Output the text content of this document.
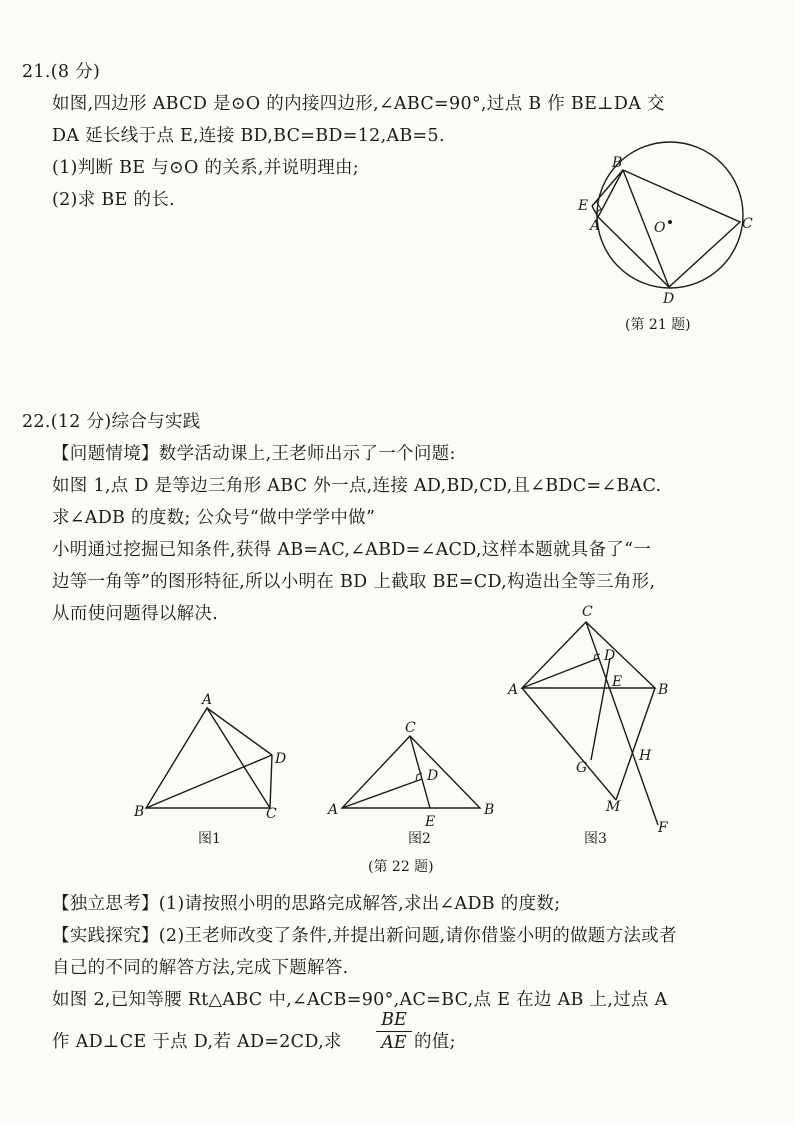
21.(8 分)
如图,四边形 ABCD 是⊙O 的内接四边形,∠ABC=90°,过点 B 作 BE⊥DA 交
DA 延长线于点 E,连接 BD,BC=BD=12,AB=5.
(1)判断 BE 与⊙O 的关系,并说明理由;
(2)求 BE 的长.
B
E
A	O	C
D
(第 21 题)
22.(12 分)综合与实践
【问题情境】数学活动课上,王老师出示了一个问题:
如图 1,点 D 是等边三角形 ABC 外一点,连接 AD,BD,CD,且∠BDC=∠BAC.
求∠ADB 的度数; 公众号“做中学学中做”
小明通过挖掘已知条件,获得 AB=AC,∠ABD=∠ACD,这样本题就具备了“一
边等一角等”的图形特征,所以小明在 BD 上截取 BE=CD,构造出全等三角形,
从而使问题得以解决.
A
B	C
D
图1
C
A	B
D
E
图2
C
D
A	E	B
H
G
M
F
图3
(第 22 题)
【独立思考】(1)请按照小明的思路完成解答,求出∠ADB 的度数;
【实践探究】(2)王老师改变了条件,并提出新问题,请你借鉴小明的做题方法或者
自己的不同的解答方法,完成下题解答.
如图 2,已知等腰 Rt△ABC 中,∠ACB=90°,AC=BC,点 E 在边 AB 上,过点 A
作 AD⊥CE 于点 D,若 AD=2CD,求
BE
AE 的值;
